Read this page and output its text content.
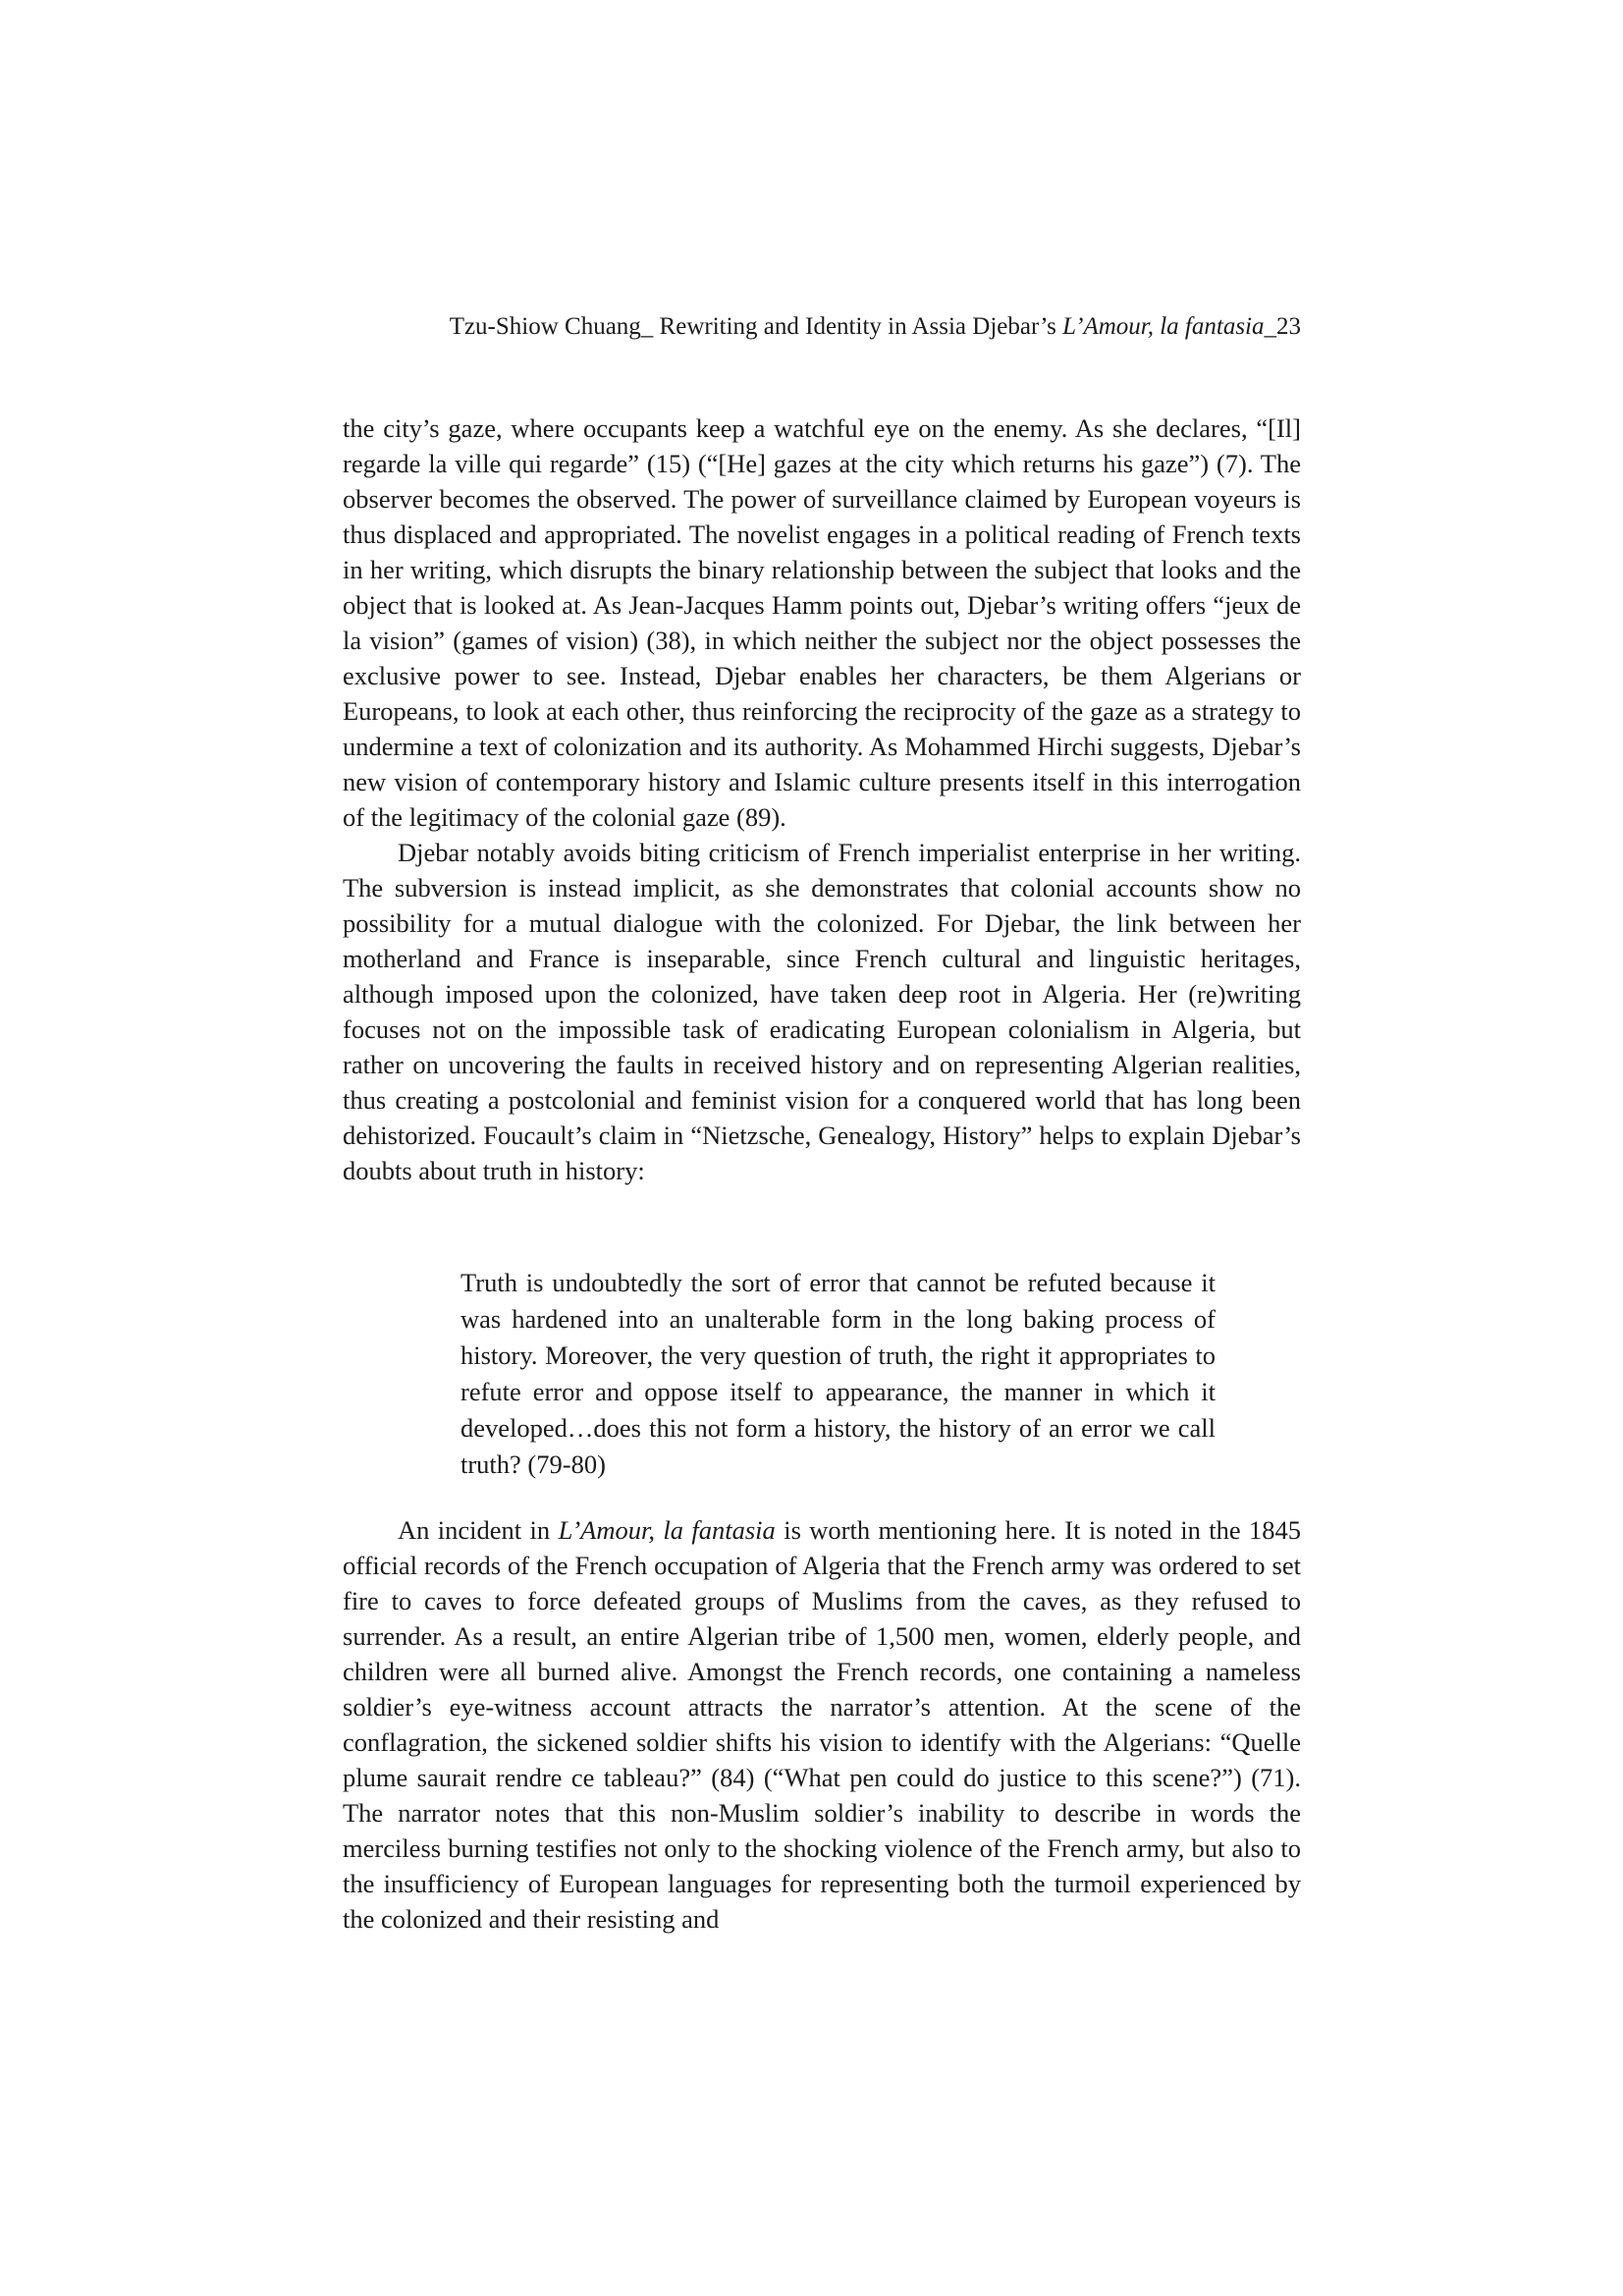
Tzu-Shiow Chuang_ Rewriting and Identity in Assia Djebar’s L’Amour, la fantasia_23

the city’s gaze, where occupants keep a watchful eye on the enemy. As she declares, “[Il] regarde la ville qui regarde” (15) (“[He] gazes at the city which returns his gaze”) (7). The observer becomes the observed. The power of surveillance claimed by European voyeurs is thus displaced and appropriated. The novelist engages in a political reading of French texts in her writing, which disrupts the binary relationship between the subject that looks and the object that is looked at. As Jean-Jacques Hamm points out, Djebar’s writing offers “jeux de la vision” (games of vision) (38), in which neither the subject nor the object possesses the exclusive power to see. Instead, Djebar enables her characters, be them Algerians or Europeans, to look at each other, thus reinforcing the reciprocity of the gaze as a strategy to undermine a text of colonization and its authority. As Mohammed Hirchi suggests, Djebar’s new vision of contemporary history and Islamic culture presents itself in this interrogation of the legitimacy of the colonial gaze (89).

Djebar notably avoids biting criticism of French imperialist enterprise in her writing. The subversion is instead implicit, as she demonstrates that colonial accounts show no possibility for a mutual dialogue with the colonized. For Djebar, the link between her motherland and France is inseparable, since French cultural and linguistic heritages, although imposed upon the colonized, have taken deep root in Algeria. Her (re)writing focuses not on the impossible task of eradicating European colonialism in Algeria, but rather on uncovering the faults in received history and on representing Algerian realities, thus creating a postcolonial and feminist vision for a conquered world that has long been dehistorized. Foucault’s claim in “Nietzsche, Genealogy, History” helps to explain Djebar’s doubts about truth in history:

Truth is undoubtedly the sort of error that cannot be refuted because it was hardened into an unalterable form in the long baking process of history. Moreover, the very question of truth, the right it appropriates to refute error and oppose itself to appearance, the manner in which it developed…does this not form a history, the history of an error we call truth? (79-80)

An incident in L’Amour, la fantasia is worth mentioning here. It is noted in the 1845 official records of the French occupation of Algeria that the French army was ordered to set fire to caves to force defeated groups of Muslims from the caves, as they refused to surrender. As a result, an entire Algerian tribe of 1,500 men, women, elderly people, and children were all burned alive. Amongst the French records, one containing a nameless soldier’s eye-witness account attracts the narrator’s attention. At the scene of the conflagration, the sickened soldier shifts his vision to identify with the Algerians: “Quelle plume saurait rendre ce tableau?” (84) (“What pen could do justice to this scene?”) (71). The narrator notes that this non-Muslim soldier’s inability to describe in words the merciless burning testifies not only to the shocking violence of the French army, but also to the insufficiency of European languages for representing both the turmoil experienced by the colonized and their resisting and
